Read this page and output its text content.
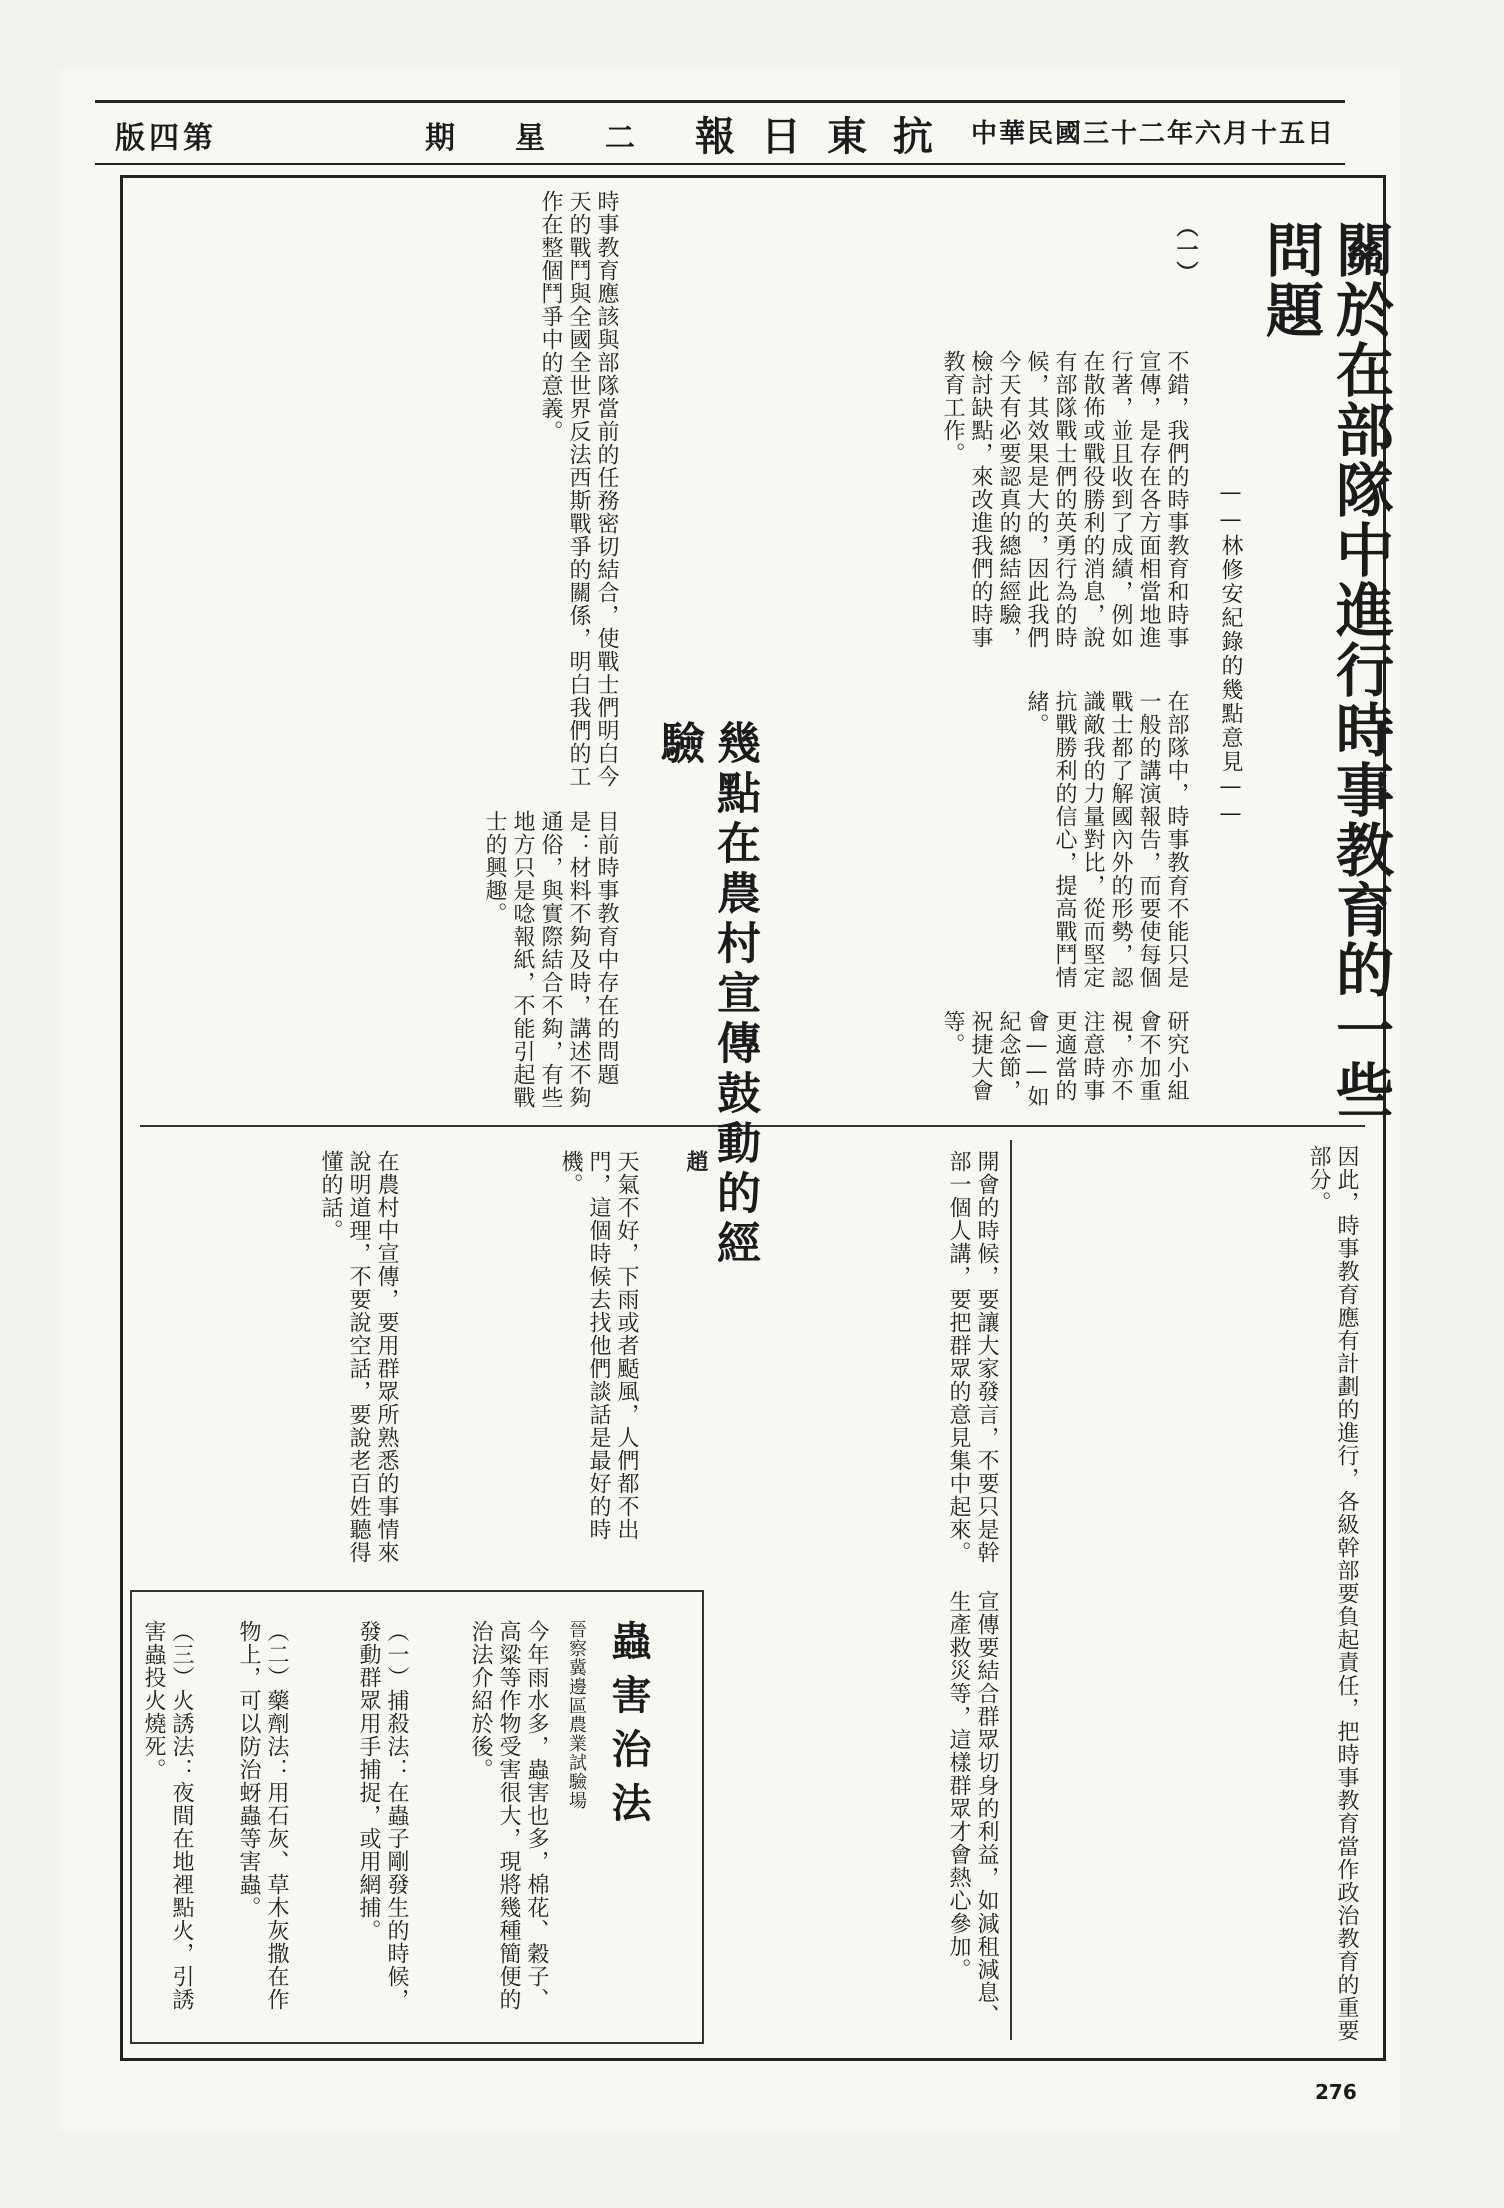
版四第	期星二 報日東抗 中華民國三十二年六月十五日
關於在部隊中進行時事教育的一些問題
——林修安紀錄的幾點意見——
（一）
不錯，我們的時事教育和時事宣傳，是存在各方面相當地進行著，並且收到了成績，例如在散佈或戰役勝利的消息，說有部隊戰士們的英勇行為的時候，其效果是大的，因此我們今天有必要認真的總結經驗，檢討缺點，來改進我們的時事教育工作。
在部隊中，時事教育不能只是一般的講演報告，而要使每個戰士都了解國內外的形勢，認識敵我的力量對比，從而堅定抗戰勝利的信心，提高戰鬥情緒。
時事教育應該與部隊當前的任務密切結合，使戰士們明白今天的戰鬥與全國全世界反法西斯戰爭的關係，明白我們的工作在整個鬥爭中的意義。
目前時事教育中存在的問題是：材料不夠及時，講述不夠通俗，與實際結合不夠，有些地方只是唸報紙，不能引起戰士的興趣。
研究小組會不加重視，亦不注意時事更適當的會——如紀念節，祝捷大會等。
因此，時事教育應有計劃的進行，各級幹部要負起責任，把時事教育當作政治教育的重要部分。
幾點在農村宣傳鼓動的經驗
趙
天氣不好，下雨或者颳風，人們都不出門，這個時候去找他們談話是最好的時機。
在農村中宣傳，要用群眾所熟悉的事情來說明道理，不要說空話，要說老百姓聽得懂的話。	開會的時候，要讓大家發言，不要只是幹部一個人講，要把群眾的意見集中起來。
宣傳要結合群眾切身的利益，如減租減息、生產救災等，這樣群眾才會熱心參加。
蟲害治法
晉察冀邊區農業試驗場
今年雨水多，蟲害也多，棉花、穀子、高粱等作物受害很大，現將幾種簡便的治法介紹於後。
（一）捕殺法：在蟲子剛發生的時候，發動群眾用手捕捉，或用網捕。
（二）藥劑法：用石灰、草木灰撒在作物上，可以防治蚜蟲等害蟲。
（三）火誘法：夜間在地裡點火，引誘害蟲投火燒死。
276
